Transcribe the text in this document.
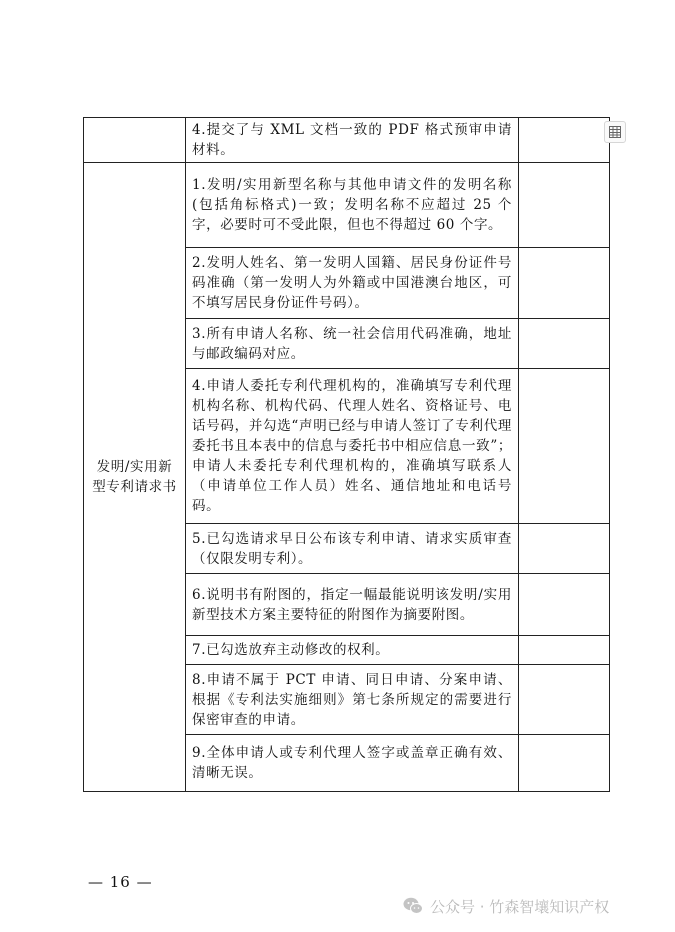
	4.提交了与 XML 文档一致的 PDF 格式预审申请材料。	
发明/实用新型专利请求书	1.发明/实用新型名称与其他申请文件的发明名称(包括角标格式)一致；发明名称不应超过 25 个字，必要时可不受此限，但也不得超过 60 个字。	
	2.发明人姓名、第一发明人国籍、居民身份证件号码准确（第一发明人为外籍或中国港澳台地区，可不填写居民身份证件号码）。	
	3.所有申请人名称、统一社会信用代码准确，地址与邮政编码对应。	
	4.申请人委托专利代理机构的，准确填写专利代理机构名称、机构代码、代理人姓名、资格证号、电话号码，并勾选“声明已经与申请人签订了专利代理委托书且本表中的信息与委托书中相应信息一致”；申请人未委托专利代理机构的，准确填写联系人（申请单位工作人员）姓名、通信地址和电话号码。	
	5.已勾选请求早日公布该专利申请、请求实质审查（仅限发明专利）。	
	6.说明书有附图的，指定一幅最能说明该发明/实用新型技术方案主要特征的附图作为摘要附图。	
	7.已勾选放弃主动修改的权利。	
	8.申请不属于 PCT 申请、同日申请、分案申请、根据《专利法实施细则》第七条所规定的需要进行保密审查的申请。	
	9.全体申请人或专利代理人签字或盖章正确有效、清晰无误。	
— 16 —
公众号 · 竹森智壤知识产权
